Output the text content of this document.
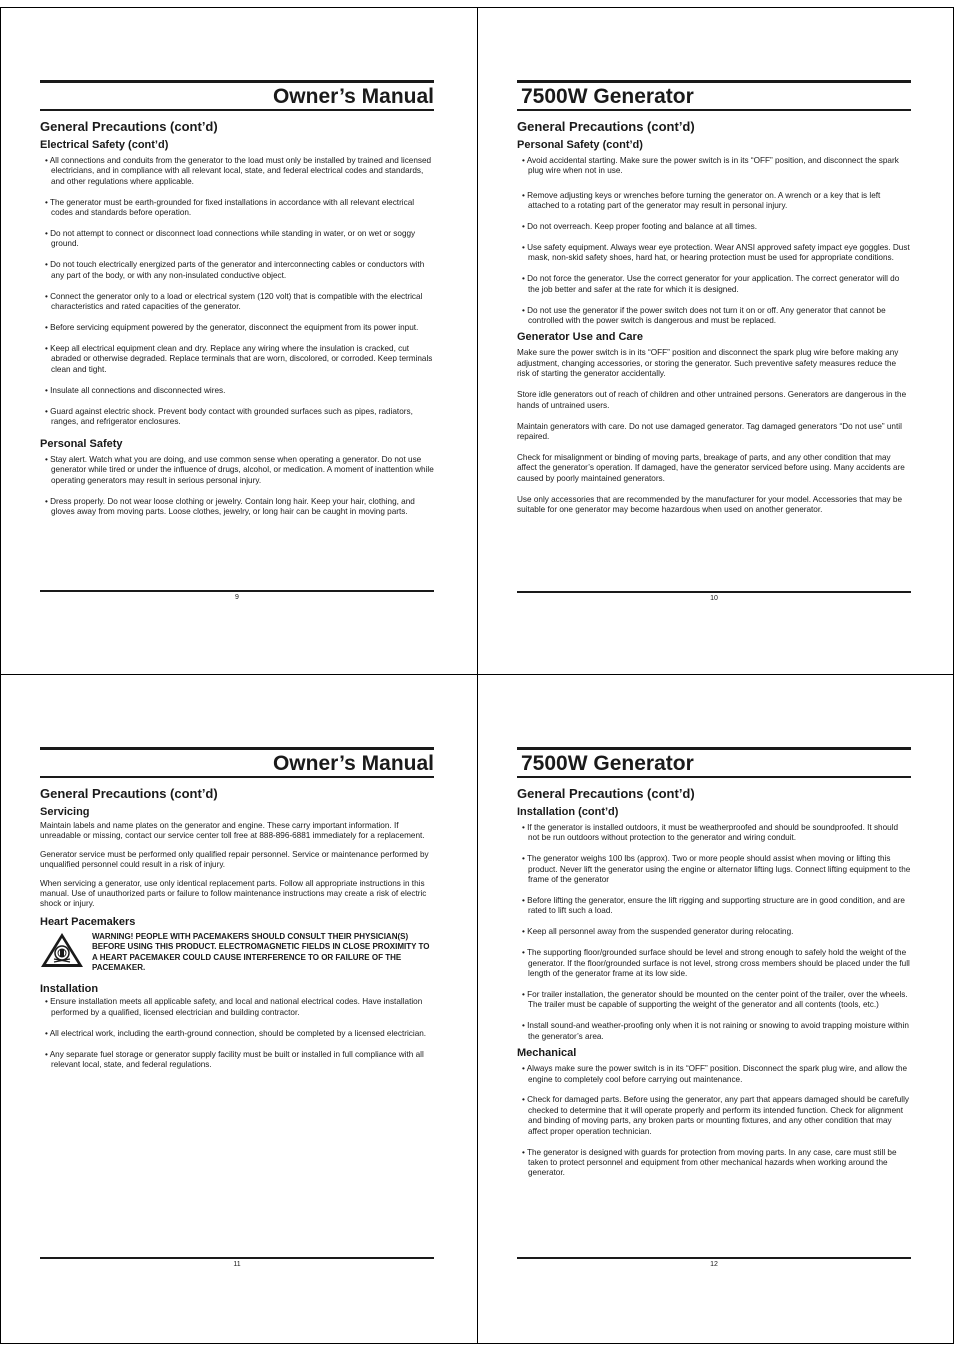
Owner’s Manual
General Precautions (cont’d)
Electrical Safety (cont’d)
• All connections and conduits from the generator to the load must only be installed by trained and licensed electricians, and in compliance with all relevant local, state, and federal electrical codes and standards, and other regulations where applicable.
• The generator must be earth-grounded for fixed installations in accordance with all relevant electrical codes and standards before operation.
• Do not attempt to connect or disconnect load connections while standing in water, or on wet or soggy ground.
• Do not touch electrically energized parts of the generator and interconnecting cables or conductors with any part of the body, or with any non-insulated conductive object.
• Connect the generator only to a load or electrical system (120 volt) that is compatible with the electrical characteristics and rated capacities of the generator.
• Before servicing equipment powered by the generator, disconnect the equipment from its power input.
• Keep all electrical equipment clean and dry. Replace any wiring where the insulation is cracked, cut abraded or otherwise degraded. Replace terminals that are worn, discolored, or corroded. Keep terminals clean and tight.
• Insulate all connections and disconnected wires.
• Guard against electric shock. Prevent body contact with grounded surfaces such as pipes, radiators, ranges, and refrigerator enclosures.
Personal Safety
• Stay alert. Watch what you are doing, and use common sense when operating a generator. Do not use generator while tired or under the influence of drugs, alcohol, or medication. A moment of inattention while operating generators may result in serious personal injury.
• Dress properly. Do not wear loose clothing or jewelry. Contain long hair. Keep your hair, clothing, and gloves away from moving parts. Loose clothes, jewelry, or long hair can be caught in moving parts.
9
7500W Generator
General Precautions (cont’d)
Personal Safety (cont’d)
• Avoid accidental starting. Make sure the power switch is in its “OFF” position, and disconnect the spark plug wire when not in use.
• Remove adjusting keys or wrenches before turning the generator on. A wrench or a key that is left attached to a rotating part of the generator may result in personal injury.
• Do not overreach. Keep proper footing and balance at all times.
• Use safety equipment. Always wear eye protection. Wear ANSI approved safety impact eye goggles. Dust mask, non-skid safety shoes, hard hat, or hearing protection must be used for appropriate conditions.
• Do not force the generator. Use the correct generator for your application. The correct generator will do the job better and safer at the rate for which it is designed.
• Do not use the generator if the power switch does not turn it on or off. Any generator that cannot be controlled with the power switch is dangerous and must be replaced.
Generator Use and Care
Make sure the power switch is in its “OFF” position and disconnect the spark plug wire before making any adjustment, changing accessories, or storing the generator. Such preventive safety measures reduce the risk of starting the generator accidentally.
Store idle generators out of reach of children and other untrained persons. Generators are dangerous in the hands of untrained users.
Maintain generators with care. Do not use damaged generator. Tag damaged generators “Do not use” until repaired.
Check for misalignment or binding of moving parts, breakage of parts, and any other condition that may affect the generator’s operation. If damaged, have the generator serviced before using. Many accidents are caused by poorly maintained generators.
Use only accessories that are recommended by the manufacturer for your model. Accessories that may be suitable for one generator may become hazardous when used on another generator.
10
Owner’s Manual
General Precautions (cont’d)
Servicing
Maintain labels and name plates on the generator and engine. These carry important information. If unreadable or missing, contact our service center toll free at 888-896-6881 immediately for a replacement.
Generator service must be performed only qualified repair personnel. Service or maintenance performed by unqualified personnel could result in a risk of injury.
When servicing a generator, use only identical replacement parts. Follow all appropriate instructions in this manual. Use of unauthorized parts or failure to follow maintenance instructions may create a risk of electric shock or injury.
Heart Pacemakers
WARNING! PEOPLE WITH PACEMAKERS SHOULD CONSULT THEIR PHYSICIAN(S) BEFORE USING THIS PRODUCT. ELECTROMAGNETIC FIELDS IN CLOSE PROXIMITY TO A HEART PACEMAKER COULD CAUSE INTERFERENCE TO OR FAILURE OF THE PACEMAKER.
Installation
• Ensure installation meets all applicable safety, and local and national electrical codes. Have installation performed by a qualified, licensed electrician and building contractor.
• All electrical work, including the earth-ground connection, should be completed by a licensed electrician.
• Any separate fuel storage or generator supply facility must be built or installed in full compliance with all relevant local, state, and federal regulations.
11
7500W Generator
General Precautions (cont’d)
Installation (cont’d)
• If the generator is installed outdoors, it must be weatherproofed and should be soundproofed. It should not be run outdoors without protection to the generator and wiring conduit.
• The generator weighs 100 lbs (approx). Two or more people should assist when moving or lifting this product. Never lift the generator using the engine or alternator lifting lugs. Connect lifting equipment to the frame of the generator
• Before lifting the generator, ensure the lift rigging and supporting structure are in good condition, and are rated to lift such a load.
• Keep all personnel away from the suspended generator during relocating.
• The supporting floor/grounded surface should be level and strong enough to safely hold the weight of the generator. If the floor/grounded surface is not level, strong cross members should be placed under the full length of the generator frame at its low side.
• For trailer installation, the generator should be mounted on the center point of the trailer, over the wheels. The trailer must be capable of supporting the weight of the generator and all contents (tools, etc.)
• Install sound-and weather-proofing only when it is not raining or snowing to avoid trapping moisture within the generator’s area.
Mechanical
• Always make sure the power switch is in its “OFF” position. Disconnect the spark plug wire, and allow the engine to completely cool before carrying out maintenance.
• Check for damaged parts. Before using the generator, any part that appears damaged should be carefully checked to determine that it will operate properly and perform its intended function. Check for alignment and binding of moving parts, any broken parts or mounting fixtures, and any other condition that may affect proper operation technician.
• The generator is designed with guards for protection from moving parts. In any case, care must still be taken to protect personnel and equipment from other mechanical hazards when working around the generator.
12
